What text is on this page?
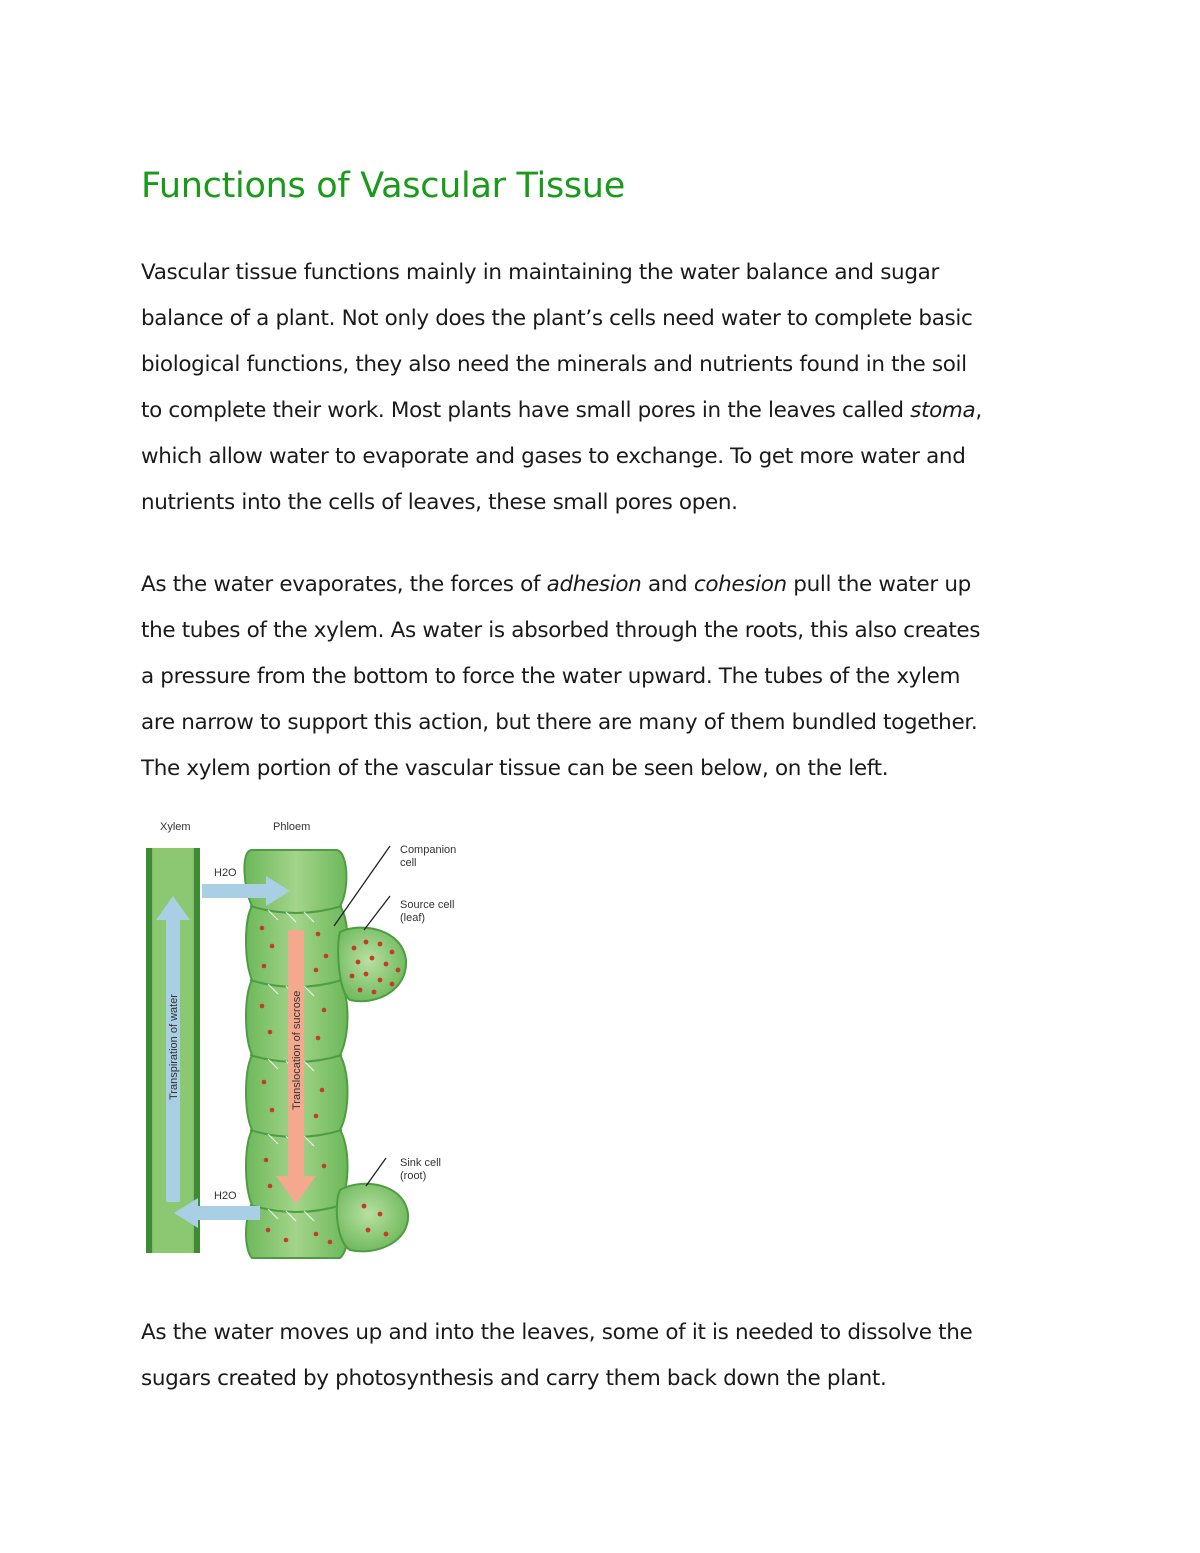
Functions of Vascular Tissue

Vascular tissue functions mainly in maintaining the water balance and sugar
balance of a plant. Not only does the plant’s cells need water to complete basic
biological functions, they also need the minerals and nutrients found in the soil
to complete their work. Most plants have small pores in the leaves called stoma,
which allow water to evaporate and gases to exchange. To get more water and
nutrients into the cells of leaves, these small pores open.

As the water evaporates, the forces of adhesion and cohesion pull the water up
the tubes of the xylem. As water is absorbed through the roots, this also creates
a pressure from the bottom to force the water upward. The tubes of the xylem
are narrow to support this action, but there are many of them bundled together.
The xylem portion of the vascular tissue can be seen below, on the left.

Xylem	Phloem
Transpiration of water	Translocation of sucrose
H2O
H2O
Companion
cell
Source cell
(leaf)
Sink cell
(root)

As the water moves up and into the leaves, some of it is needed to dissolve the
sugars created by photosynthesis and carry them back down the plant.
